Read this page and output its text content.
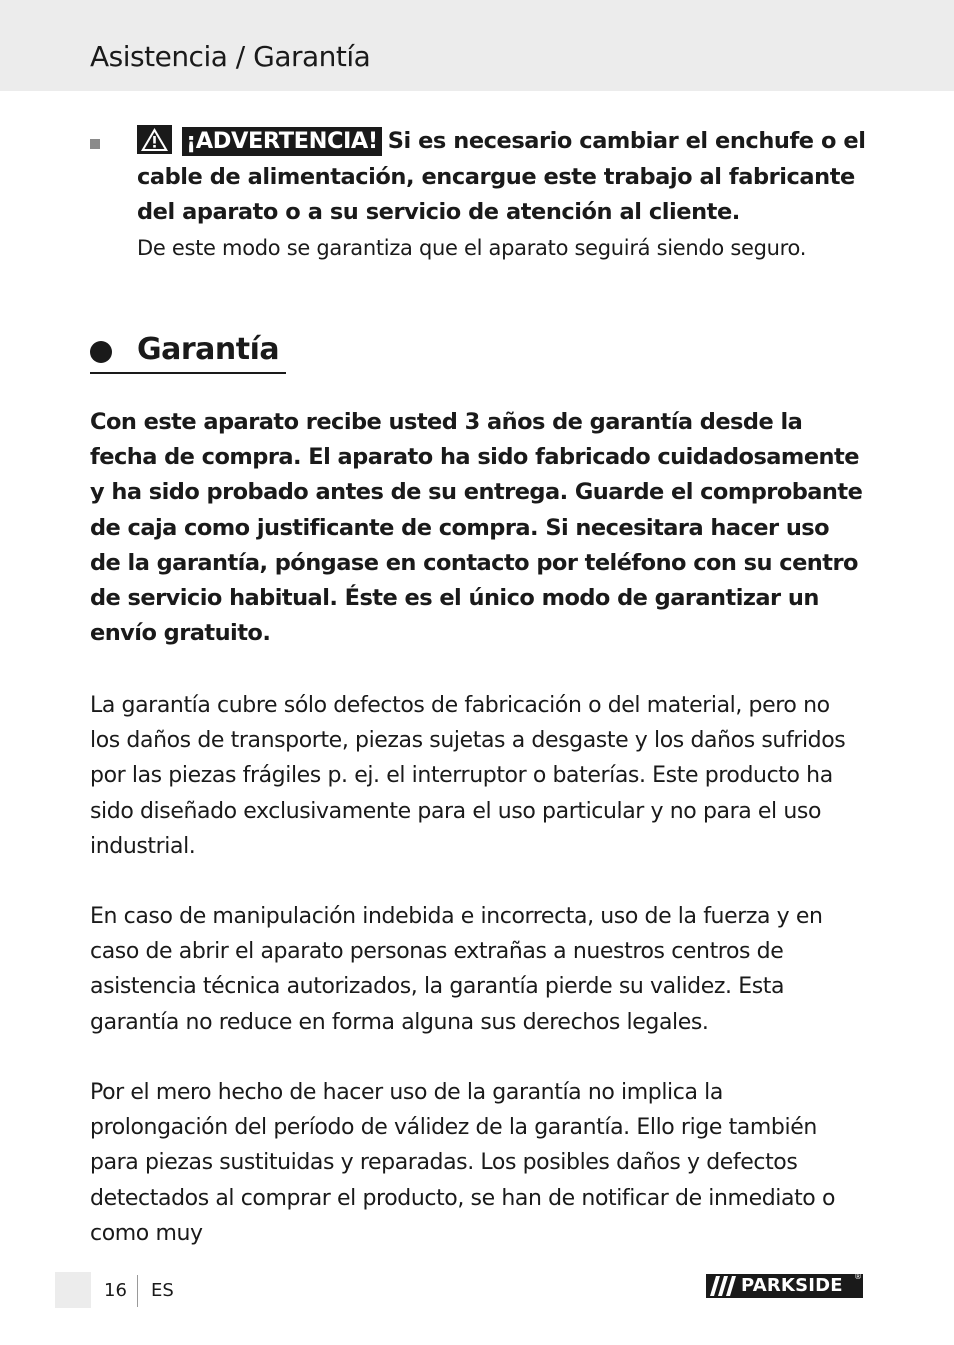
Asistencia / Garantía
¡ADVERTENCIA! Si es necesario cambiar el enchufe o el cable de alimentación, encargue este trabajo al fabricante del aparato o a su servicio de atención al cliente.
De este modo se garantiza que el aparato seguirá siendo seguro.
Garantía
Con este aparato recibe usted 3 años de garantía desde la fecha de compra. El aparato ha sido fabricado cuidadosamente y ha sido probado antes de su entrega. Guarde el comprobante de caja como justificante de compra. Si necesitara hacer uso de la garantía, póngase en contacto por teléfono con su centro de servicio habitual. Éste es el único modo de garantizar un envío gratuito.
La garantía cubre sólo defectos de fabricación o del material, pero no los daños de transporte, piezas sujetas a desgaste y los daños sufridos por las piezas frágiles p. ej. el interruptor o baterías. Este producto ha sido diseñado exclusivamente para el uso particular y no para el uso industrial.
En caso de manipulación indebida e incorrecta, uso de la fuerza y en caso de abrir el aparato personas extrañas a nuestros centros de asistencia técnica autorizados, la garantía pierde su validez. Esta garantía no reduce en forma alguna sus derechos legales.
Por el mero hecho de hacer uso de la garantía no implica la prolongación del período de válidez de la garantía. Ello rige también para piezas sustituidas y reparadas. Los posibles daños y defectos detectados al comprar el producto, se han de notificar de inmediato o como muy
16 ES	PARKSIDE ®
